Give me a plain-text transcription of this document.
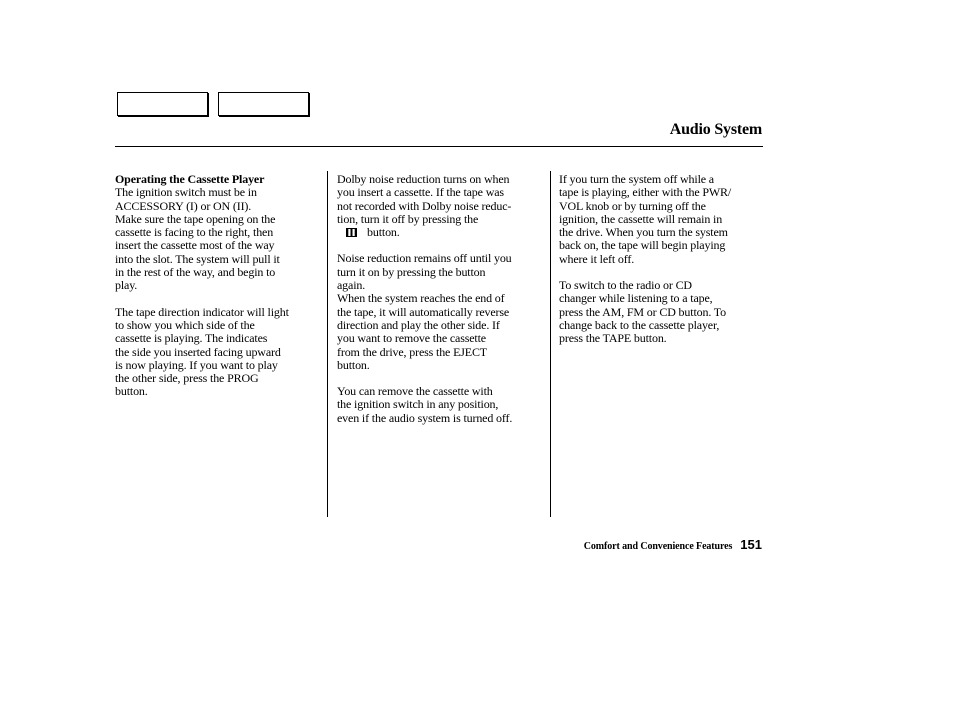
Audio System

Operating the Cassette Player

The ignition switch must be in
ACCESSORY (I) or ON (II).

Make sure the tape opening on the
cassette is facing to the right, then
insert the cassette most of the way
into the slot. The system will pull it
in the rest of the way, and begin to
play.

The tape direction indicator will light
to show you which side of the
cassette is playing. The indicates
the side you inserted facing upward
is now playing. If you want to play
the other side, press the PROG
button.

Dolby noise reduction turns on when
you insert a cassette. If the tape was
not recorded with Dolby noise reduc-
tion, turn it off by pressing the

button.

Noise reduction remains off until you
turn it on by pressing the button
again.

When the system reaches the end of
the tape, it will automatically reverse
direction and play the other side. If
you want to remove the cassette
from the drive, press the EJECT
button.

You can remove the cassette with
the ignition switch in any position,
even if the audio system is turned off.

If you turn the system off while a
tape is playing, either with the PWR/
VOL knob or by turning off the
ignition, the cassette will remain in
the drive. When you turn the system
back on, the tape will begin playing
where it left off.

To switch to the radio or CD
changer while listening to a tape,
press the AM, FM or CD button. To
change back to the cassette player,
press the TAPE button.

Comfort and Convenience Features 151
